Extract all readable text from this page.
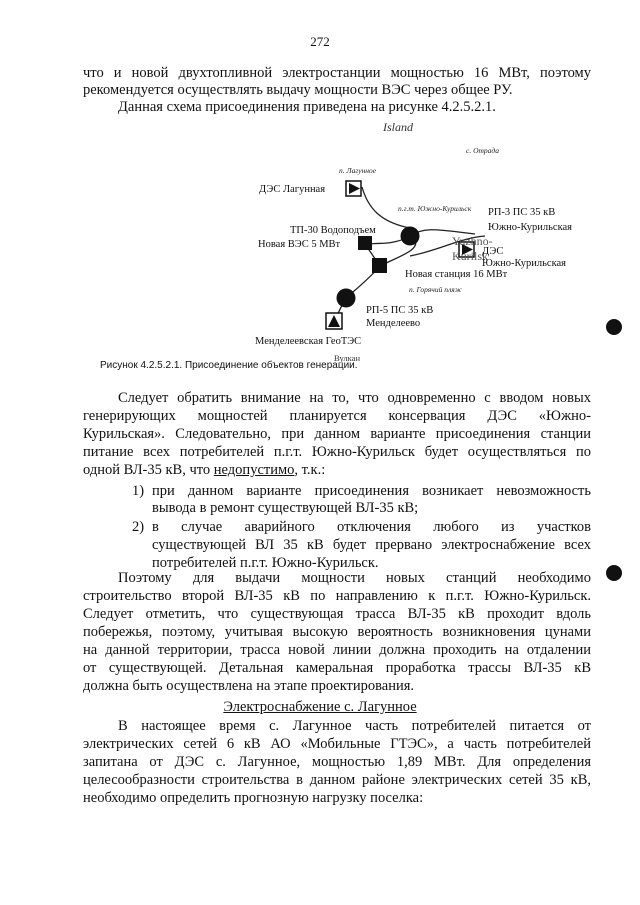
272
что и новой двухтопливной электростанции мощностью 16 МВт, поэтому
рекомендуется осуществлять выдачу мощности ВЭС через общее РУ.
Данная схема присоединения приведена на рисунке 4.2.5.2.1.
Island
с. Отрада
п. Лагунное
ДЭС Лагунная
п.г.т. Южно-Курильск РП-3 ПС 35 кВ
Южно-Курильская
ТП-30 Водоподъем
Новая ВЭС 5 МВт	Yuzhno-
Kurilsk
ДЭС
Южно-Курильская
Новая станция 16 МВт
п. Горячий пляж
РП-5 ПС 35 кВ
Менделеево
Менделеевская ГеоТЭС
Вулкан
Рисунок 4.2.5.2.1. Присоединение объектов генерации.
Следует обратить внимание на то, что одновременно с вводом новых
генерирующих мощностей планируется консервация ДЭС «Южно-
Курильская». Следовательно, при данном варианте присоединения станции
питание всех потребителей п.г.т. Южно-Курильск будет осуществляться по
одной ВЛ-35 кВ, что недопустимо, т.к.:
1) при данном варианте присоединения возникает невозможность
вывода в ремонт существующей ВЛ-35 кВ;
2) в случае аварийного отключения любого из участков
существующей ВЛ 35 кВ будет прервано электроснабжение всех
потребителей п.г.т. Южно-Курильск.
Поэтому для выдачи мощности новых станций необходимо
строительство второй ВЛ-35 кВ по направлению к п.г.т. Южно-Курильск.
Следует отметить, что существующая трасса ВЛ-35 кВ проходит вдоль
побережья, поэтому, учитывая высокую вероятность возникновения цунами
на данной территории, трасса новой линии должна проходить на отдалении
от существующей. Детальная камеральная проработка трассы ВЛ-35 кВ
должна быть осуществлена на этапе проектирования.
Электроснабжение с. Лагунное
В настоящее время с. Лагунное часть потребителей питается от
электрических сетей 6 кВ АО «Мобильные ГТЭС», а часть потребителей
запитана от ДЭС с. Лагунное, мощностью 1,89 МВт. Для определения
целесообразности строительства в данном районе электрических сетей 35 кВ,
необходимо определить прогнозную нагрузку поселка:
